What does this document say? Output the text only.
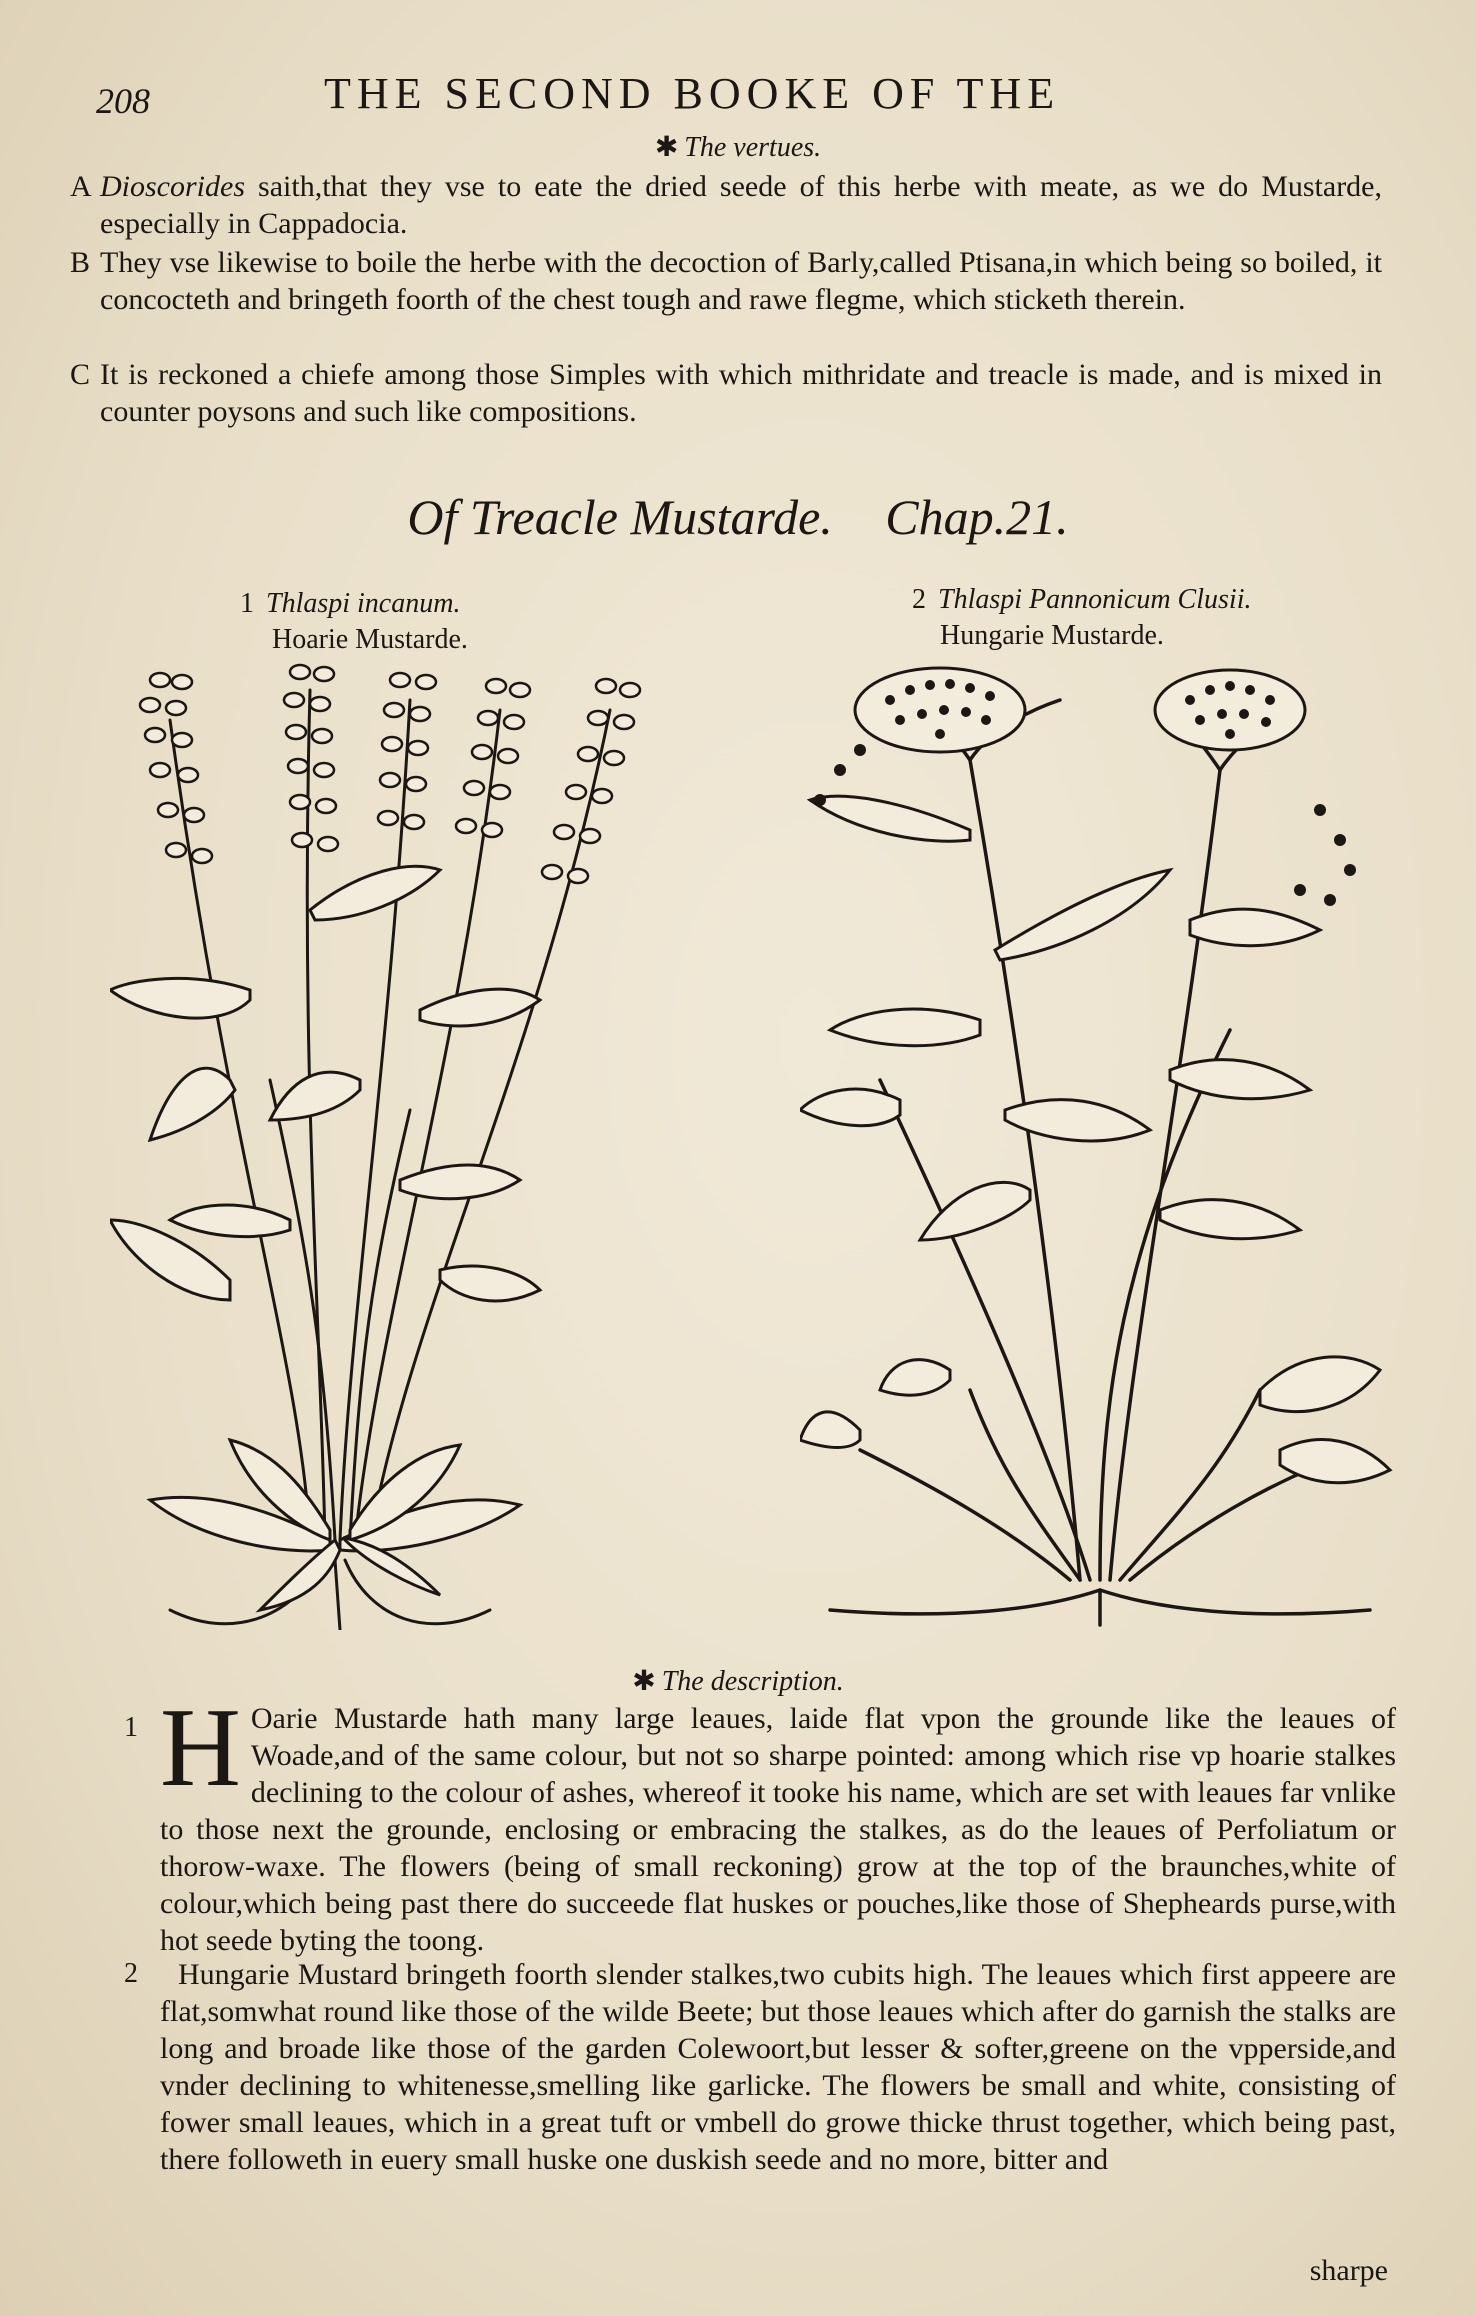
208	THE SECOND BOOKE OF THE
✱ The vertues.
A Dioscorides saith,that they vse to eate the dried seede of this herbe with meate, as we do Mustarde, especially in Cappadocia.
B They vse likewise to boile the herbe with the decoction of Barly,called Ptisana,in which being so boiled, it concocteth and bringeth foorth of the chest tough and rawe flegme, which sticketh therein.
C It is reckoned a chiefe among those Simples with which mithridate and treacle is made, and is mixed in counter poysons and such like compositions.
Of Treacle Mustarde. Chap.21.
1 Thlaspi incanum.
Hoarie Mustarde.
2 Thlaspi Pannonicum Clusii.
Hungarie Mustarde.
✱ The description.
1 H Oarie Mustarde hath many large leaues, laide flat vpon the grounde like the leaues of Woade,and of the same colour, but not so sharpe pointed: among which rise vp hoarie stalkes declining to the colour of ashes, whereof it tooke his name, which are set with leaues far vnlike to those next the grounde, enclosing or embracing the stalkes, as do the leaues of Perfoliatum or thorow-waxe. The flowers (being of small reckoning) grow at the top of the braunches,white of colour,which being past there do succeede flat huskes or pouches,like those of Shepheards purse,with hot seede byting the toong.
2	Hungarie Mustard bringeth foorth slender stalkes,two cubits high. The leaues which first appeere are flat,somwhat round like those of the wilde Beete; but those leaues which after do garnish the stalks are long and broade like those of the garden Colewoort,but lesser & softer,greene on the vpperside,and vnder declining to whitenesse,smelling like garlicke. The flowers be small and white, consisting of fower small leaues, which in a great tuft or vmbell do growe thicke thrust together, which being past, there followeth in euery small huske one duskish seede and no more, bitter and
sharpe
